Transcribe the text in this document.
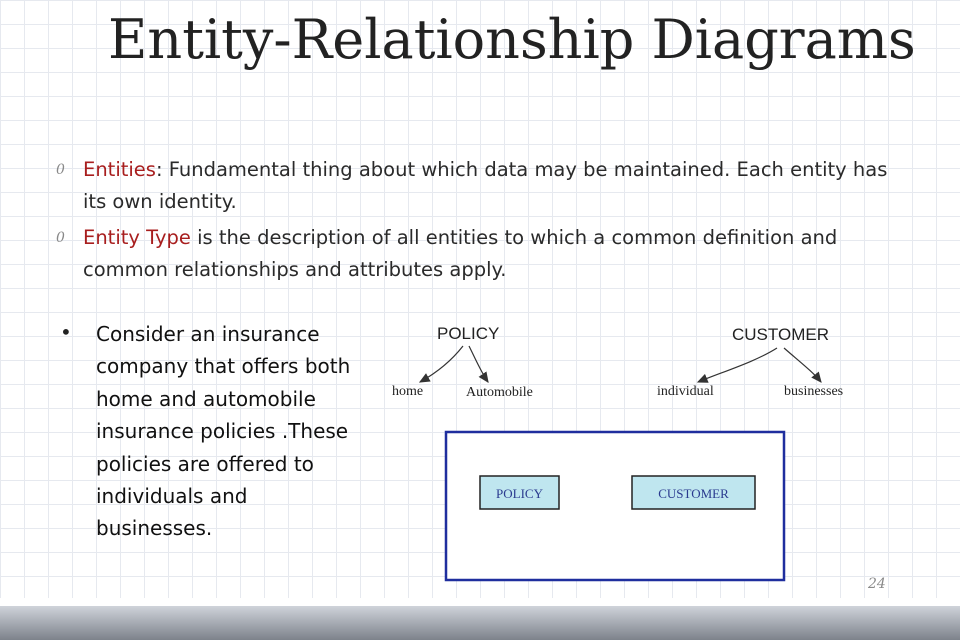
Entity-Relationship Diagrams
0 Entities: Fundamental thing about which data may be maintained. Each entity has its own identity.
0 Entity Type is the description of all entities to which a common definition and common relationships and attributes apply.
• Consider an insurance company that offers both home and automobile insurance policies .These policies are offered to individuals and businesses.
POLICY
home	Automobile
CUSTOMER
individual	businesses
POLICY	CUSTOMER
24
